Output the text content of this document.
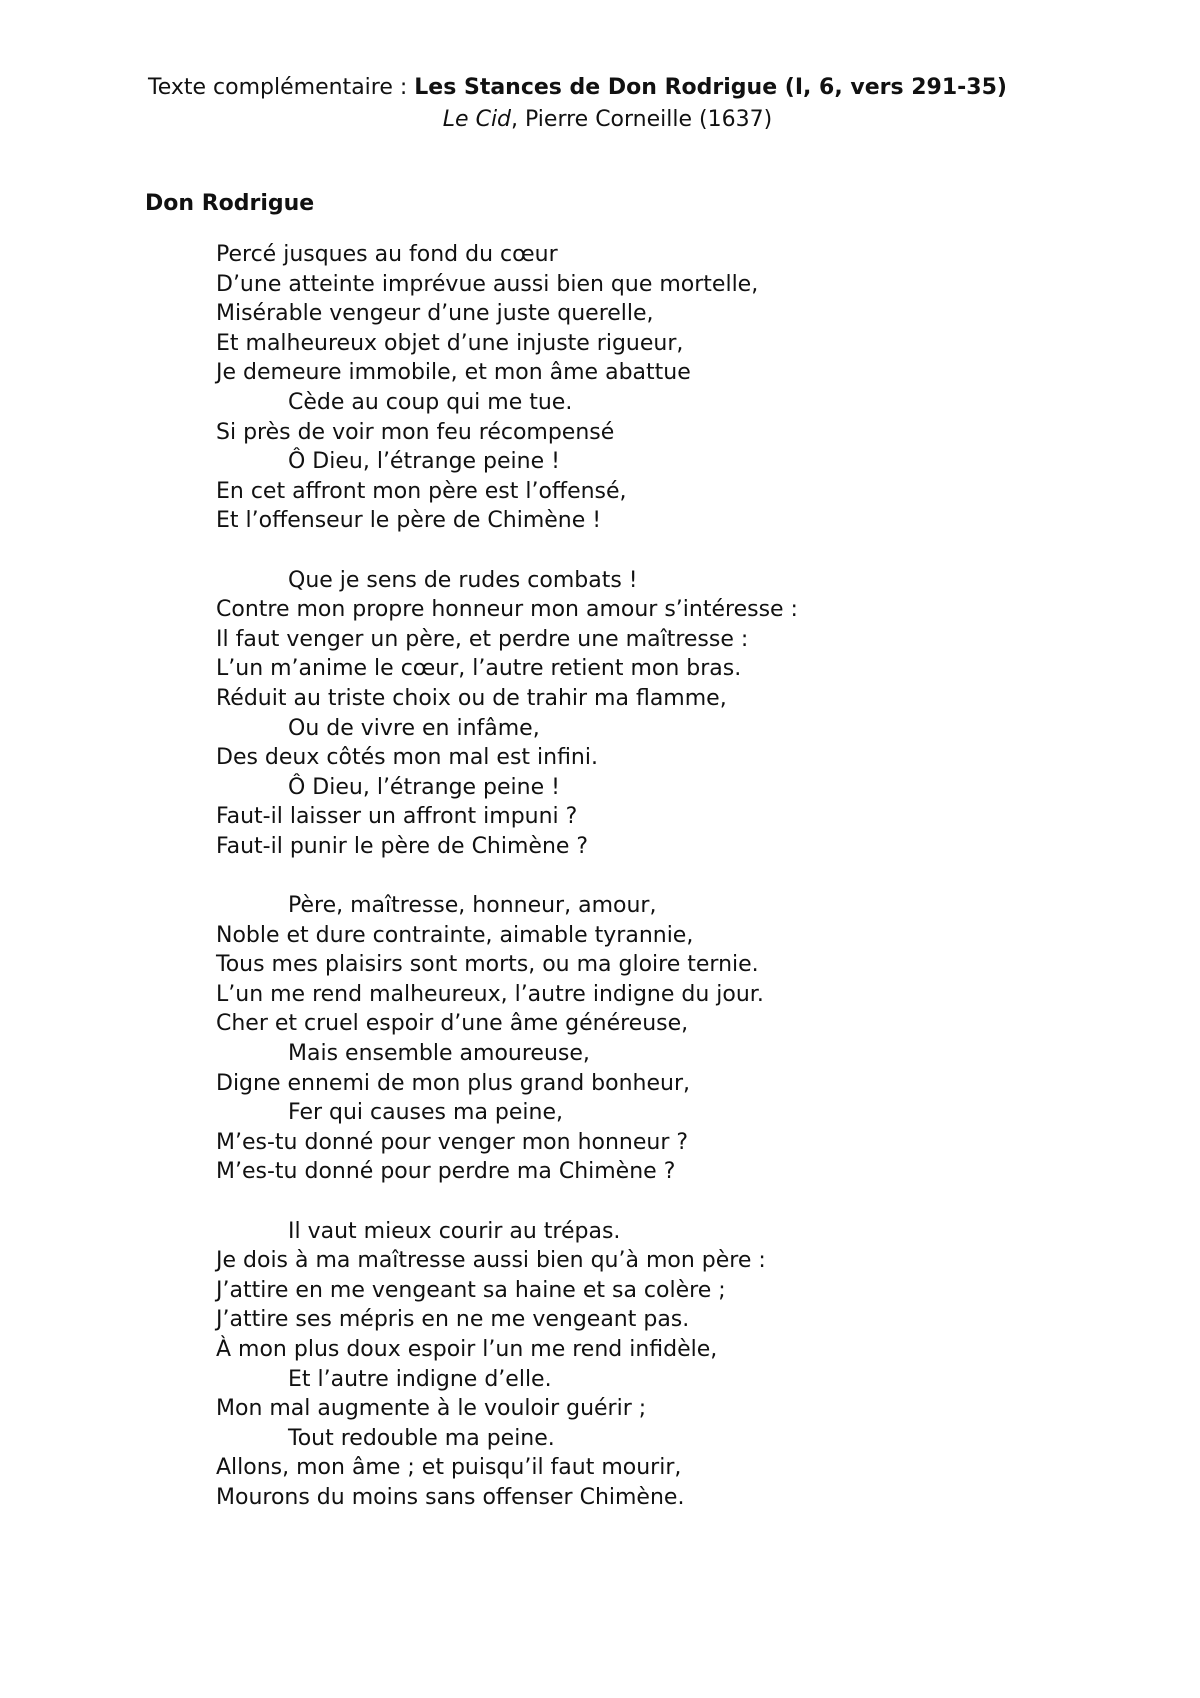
Texte complémentaire : Les Stances de Don Rodrigue (I, 6, vers 291-35)
Le Cid, Pierre Corneille (1637)
Don Rodrigue
Percé jusques au fond du cœur
D’une atteinte imprévue aussi bien que mortelle,
Misérable vengeur d’une juste querelle,
Et malheureux objet d’une injuste rigueur,
Je demeure immobile, et mon âme abattue
Cède au coup qui me tue.
Si près de voir mon feu récompensé
Ô Dieu, l’étrange peine !
En cet affront mon père est l’offensé,
Et l’offenseur le père de Chimène !
Que je sens de rudes combats !
Contre mon propre honneur mon amour s’intéresse :
Il faut venger un père, et perdre une maîtresse :
L’un m’anime le cœur, l’autre retient mon bras.
Réduit au triste choix ou de trahir ma flamme,
Ou de vivre en infâme,
Des deux côtés mon mal est infini.
Ô Dieu, l’étrange peine !
Faut-il laisser un affront impuni ?
Faut-il punir le père de Chimène ?
Père, maîtresse, honneur, amour,
Noble et dure contrainte, aimable tyrannie,
Tous mes plaisirs sont morts, ou ma gloire ternie.
L’un me rend malheureux, l’autre indigne du jour.
Cher et cruel espoir d’une âme généreuse,
Mais ensemble amoureuse,
Digne ennemi de mon plus grand bonheur,
Fer qui causes ma peine,
M’es-tu donné pour venger mon honneur ?
M’es-tu donné pour perdre ma Chimène ?
Il vaut mieux courir au trépas.
Je dois à ma maîtresse aussi bien qu’à mon père :
J’attire en me vengeant sa haine et sa colère ;
J’attire ses mépris en ne me vengeant pas.
À mon plus doux espoir l’un me rend infidèle,
Et l’autre indigne d’elle.
Mon mal augmente à le vouloir guérir ;
Tout redouble ma peine.
Allons, mon âme ; et puisqu’il faut mourir,
Mourons du moins sans offenser Chimène.
